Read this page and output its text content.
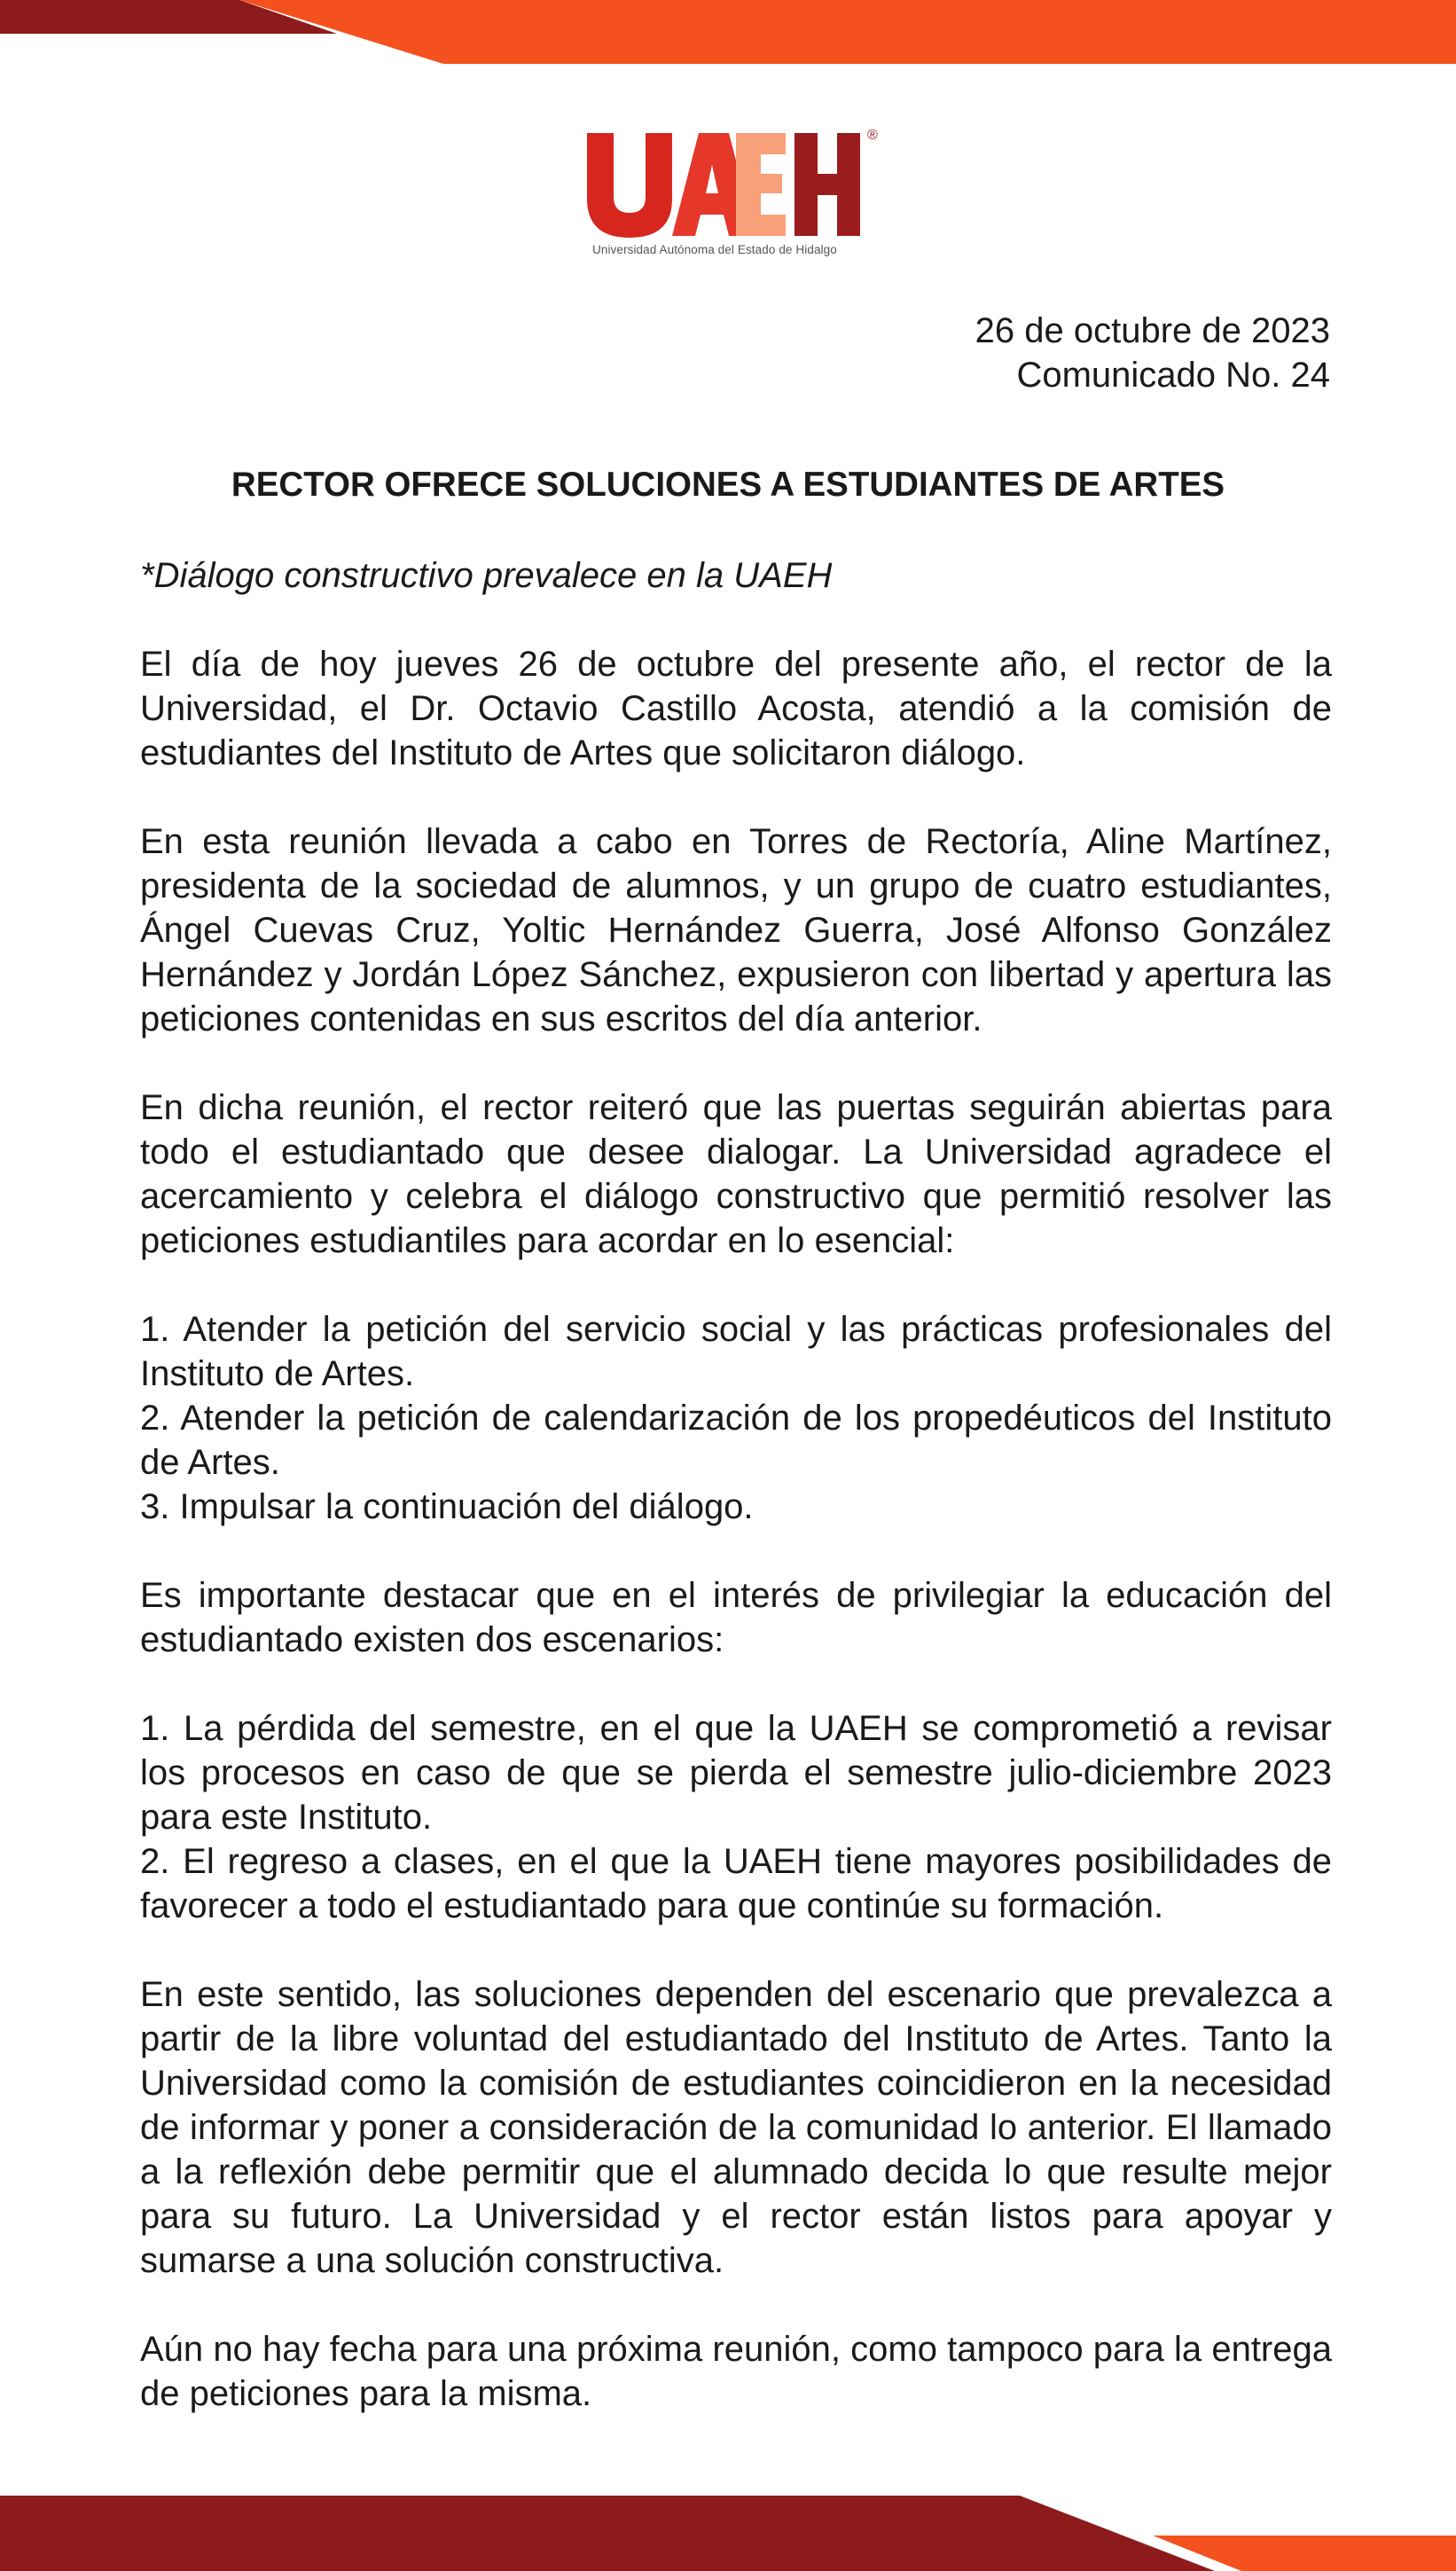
®
Universidad Autónoma del Estado de Hidalgo
26 de octubre de 2023
Comunicado No. 24
RECTOR OFRECE SOLUCIONES A ESTUDIANTES DE ARTES
*Diálogo constructivo prevalece en la UAEH

El día de hoy jueves 26 de octubre del presente año, el rector de la Universidad, el Dr. Octavio Castillo Acosta, atendió a la comisión de estudiantes del Instituto de Artes que solicitaron diálogo.

En esta reunión llevada a cabo en Torres de Rectoría, Aline Martínez, presidenta de la sociedad de alumnos, y un grupo de cuatro estudiantes, Ángel Cuevas Cruz, Yoltic Hernández Guerra, José Alfonso González Hernández y Jordán López Sánchez, expusieron con libertad y apertura las peticiones contenidas en sus escritos del día anterior.

En dicha reunión, el rector reiteró que las puertas seguirán abiertas para todo el estudiantado que desee dialogar. La Universidad agradece el acercamiento y celebra el diálogo constructivo que permitió resolver las peticiones estudiantiles para acordar en lo esencial:

1. Atender la petición del servicio social y las prácticas profesionales del Instituto de Artes.
2. Atender la petición de calendarización de los propedéuticos del Instituto de Artes.
3. Impulsar la continuación del diálogo.

Es importante destacar que en el interés de privilegiar la educación del estudiantado existen dos escenarios:

1. La pérdida del semestre, en el que la UAEH se comprometió a revisar los procesos en caso de que se pierda el semestre julio-diciembre 2023 para este Instituto.
2. El regreso a clases, en el que la UAEH tiene mayores posibilidades de favorecer a todo el estudiantado para que continúe su formación.

En este sentido, las soluciones dependen del escenario que prevalezca a partir de la libre voluntad del estudiantado del Instituto de Artes. Tanto la Universidad como la comisión de estudiantes coincidieron en la necesidad de informar y poner a consideración de la comunidad lo anterior. El llamado a la reflexión debe permitir que el alumnado decida lo que resulte mejor para su futuro. La Universidad y el rector están listos para apoyar y sumarse a una solución constructiva.

Aún no hay fecha para una próxima reunión, como tampoco para la entrega de peticiones para la misma.
